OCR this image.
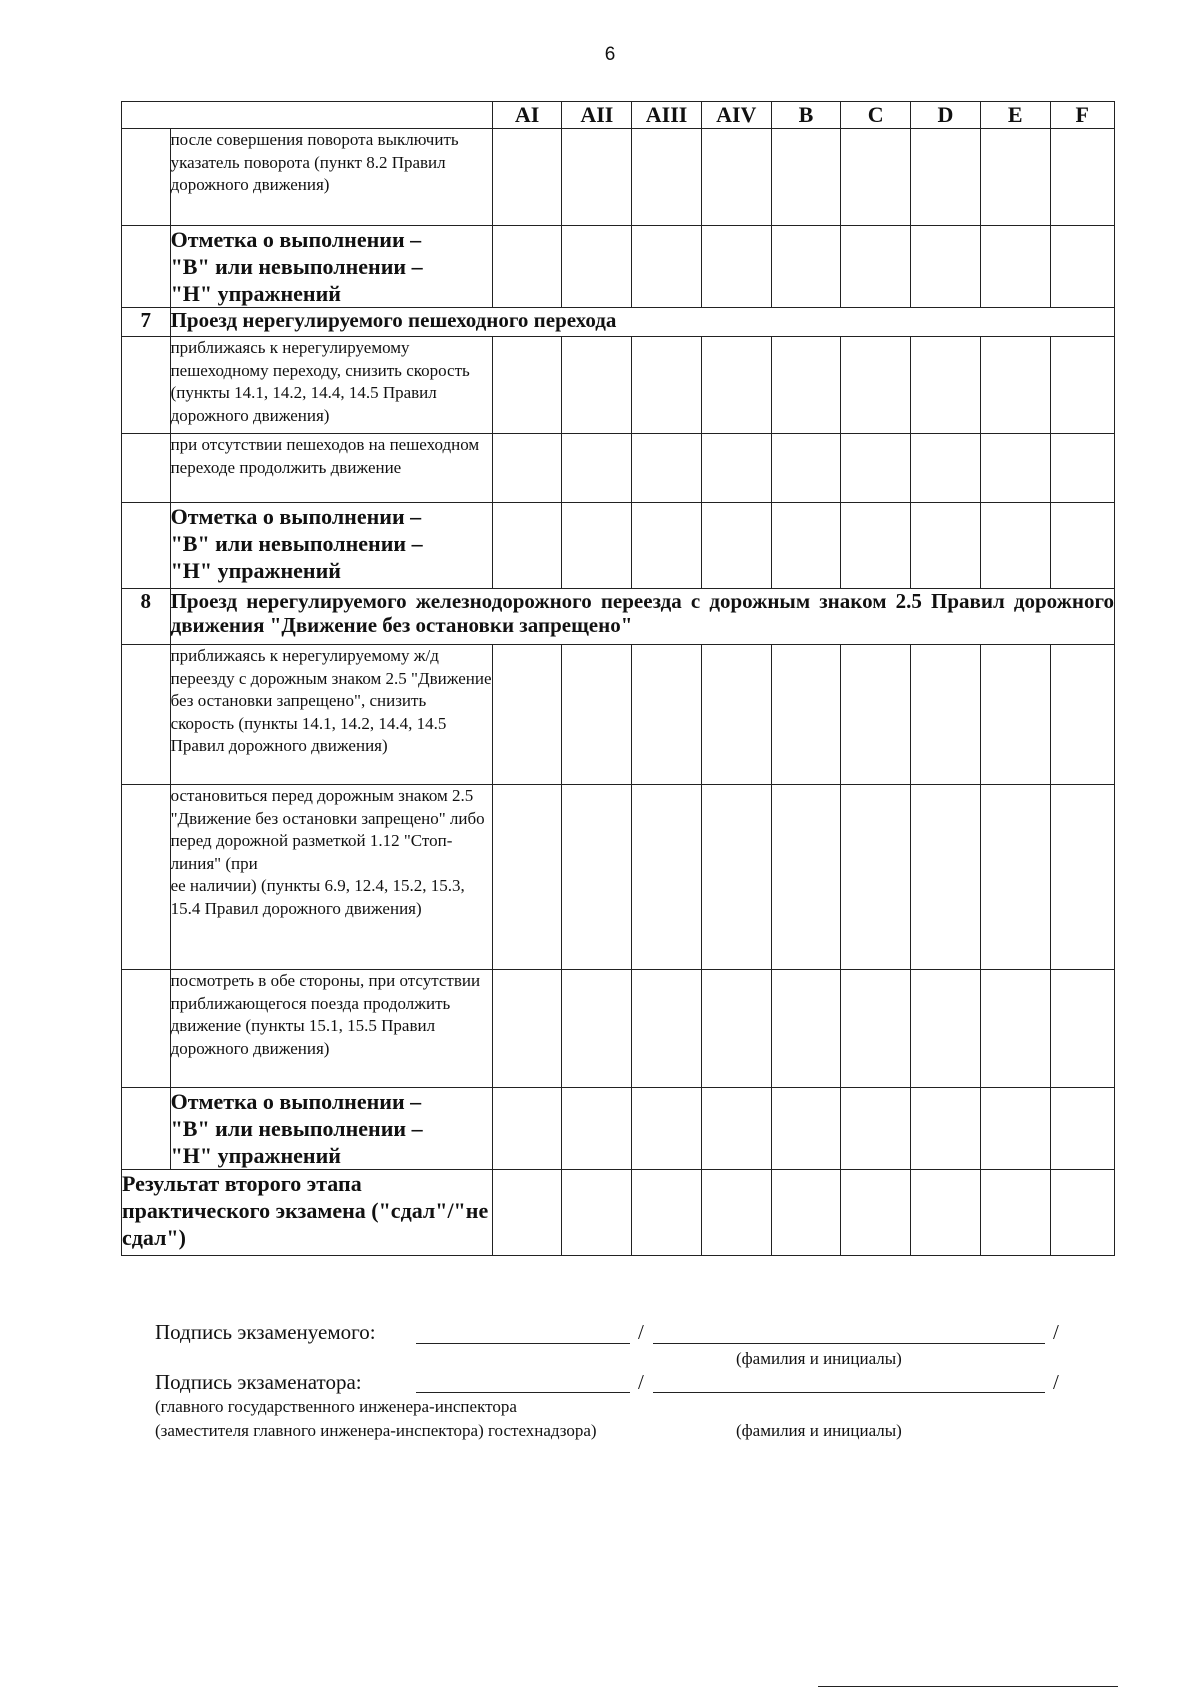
6
		AI	AII	AIII	AIV	B	C	D	E	F
	после совершения поворота выключить указатель поворота (пункт 8.2 Правил дорожного движения)									

	Отметка о выполнении –
"В" или невыполнении –
"Н" упражнений									

7	Проезд нерегулируемого пешеходного перехода									
	приближаясь к нерегулируемому пешеходному переходу, снизить скорость (пункты 14.1, 14.2, 14.4, 14.5 Правил дорожного движения)									
	при отсутствии пешеходов на пешеходном переходе продолжить движение									

	Отметка о выполнении –
"В" или невыполнении –
"Н" упражнений									

8	Проезд нерегулируемого железнодорожного переезда с дорожным знаком 2.5 Правил дорожного движения "Движение без остановки запрещено"									
	приближаясь к нерегулируемому ж/д переезду с дорожным знаком 2.5 "Движение без остановки запрещено", снизить скорость (пункты 14.1, 14.2, 14.4, 14.5 Правил дорожного движения)									

	остановиться перед дорожным знаком 2.5 "Движение без остановки запрещено" либо перед дорожной разметкой 1.12 "Стоп-линия" (при
ее наличии) (пункты 6.9, 12.4, 15.2, 15.3, 15.4 Правил дорожного движения)									

	посмотреть в обе стороны, при отсутствии приближающегося поезда продолжить движение (пункты 15.1, 15.5 Правил дорожного движения)									

	Отметка о выполнении –
"В" или невыполнении –
"Н" упражнений									

Результат второго этапа практического экзамена ("сдал"/"не сдал")										
Подпись экзаменуемого:	/	/
(фамилия и инициалы)
Подпись экзаменатора:	/	/
(главного государственного инженера-инспектора
(заместителя главного инженера-инспектора) гостехнадзора)	(фамилия и инициалы)
